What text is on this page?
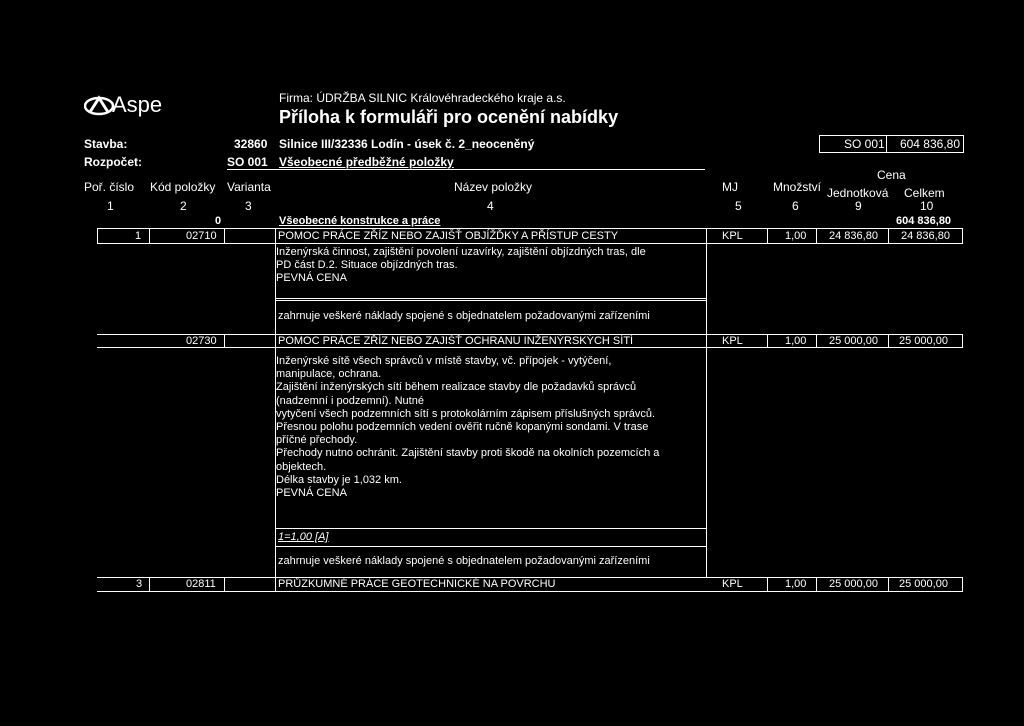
Aspe	Firma: ÚDRŽBA SILNIC Královéhradeckého kraje a.s.
Příloha k formuláři pro ocenění nabídky
Stavba:	32860 Silnice III/32336 Lodín - úsek č. 2_neoceněný
Rozpočet:	SO 001 Všeobecné předběžné položky
SO 001 604 836,80
Poř. číslo Kód položky Varianta	Název položky	MJ	Množství
Cena
Jednotková Celkem
1	2	3	4	5	6	9	10
0	Všeobecné konstrukce a práce	604 836,80
1	02710	POMOC PRÁCE ZŘÍZ NEBO ZAJIŠŤ OBJÍŽĎKY A PŘÍSTUP CESTY	KPL	1,00 24 836,80 24 836,80
Inženýrská činnost, zajištění povolení uzavírky, zajištění objízdných tras, dle
PD část D.2. Situace objízdných tras.
PEVNÁ CENA
zahrnuje veškeré náklady spojené s objednatelem požadovanými zařízeními
02730	POMOC PRÁCE ZŘÍZ NEBO ZAJIŠŤ OCHRANU INŽENÝRSKÝCH SÍTÍ	KPL	1,00 25 000,00 25 000,00
Inženýrské sítě všech správců v místě stavby, vč. přípojek - vytýčení,
manipulace, ochrana.
Zajištění inženýrských sítí během realizace stavby dle požadavků správců
(nadzemní i podzemní). Nutné
vytyčení všech podzemních sítí s protokolárním zápisem příslušných správců.
Přesnou polohu podzemních vedení ověřit ručně kopanými sondami. V trase
příčné přechody.
Přechody nutno ochránit. Zajištění stavby proti škodě na okolních pozemcích a
objektech.
Délka stavby je 1,032 km.
PEVNÁ CENA
1=1,00 [A]
zahrnuje veškeré náklady spojené s objednatelem požadovanými zařízeními
3	02811	PRŮZKUMNÉ PRÁCE GEOTECHNICKÉ NA POVRCHU	KPL	1,00 25 000,00 25 000,00
